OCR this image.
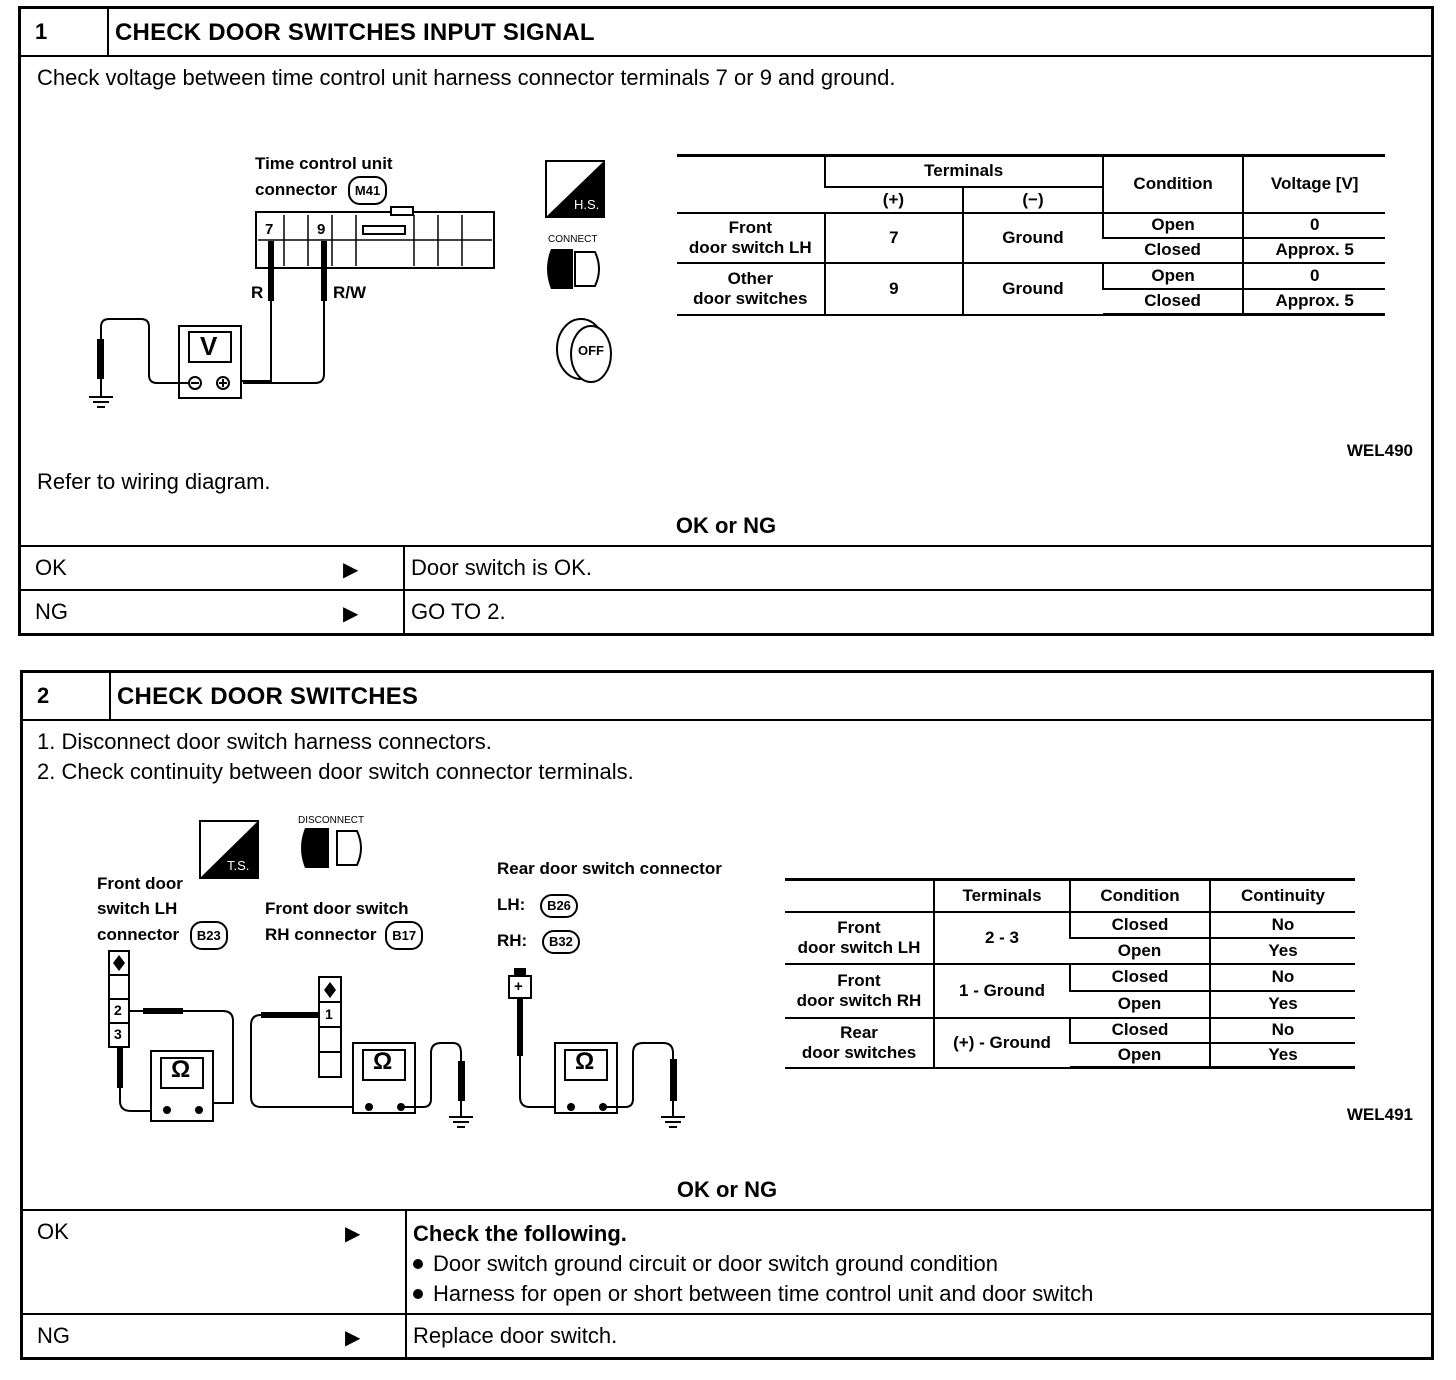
1	CHECK DOOR SWITCHES INPUT SIGNAL
Check voltage between time control unit harness connector terminals 7 or 9 and ground.
Time control unit
connector M41
7	9
R	R/W
V
H.S.
CONNECT
OFF
	Terminals		Condition	Voltage [V]
	(+)	(−)		

Front
door switch LH	7	Ground	Open	0
			Closed	Approx. 5

Other
door switches	9	Ground	Open	0
			Closed	Approx. 5
WEL490
Refer to wiring diagram.
OK or NG
OK	▶ Door switch is OK.
NG	▶ GO TO 2.
2	CHECK DOOR SWITCHES
1. Disconnect door switch harness connectors.
2. Check continuity between door switch connector terminals.
T.S.
DISCONNECT
Front door
switch LH
connector B23
Front door switch
RH connector B17
Rear door switch connector
LH: B26
RH: B32
2
3
1
+
Ω	Ω	Ω
	Terminals	Condition	Continuity

Front
door switch LH	2 - 3	Closed	No
		Open	Yes

Front
door switch RH	1 - Ground	Closed	No
		Open	Yes

Rear
door switches	(+) - Ground	Closed	No
		Open	Yes
WEL491
OK or NG
OK	▶ Check the following.
Door switch ground circuit or door switch ground condition
Harness for open or short between time control unit and door switch
NG	▶ Replace door switch.
